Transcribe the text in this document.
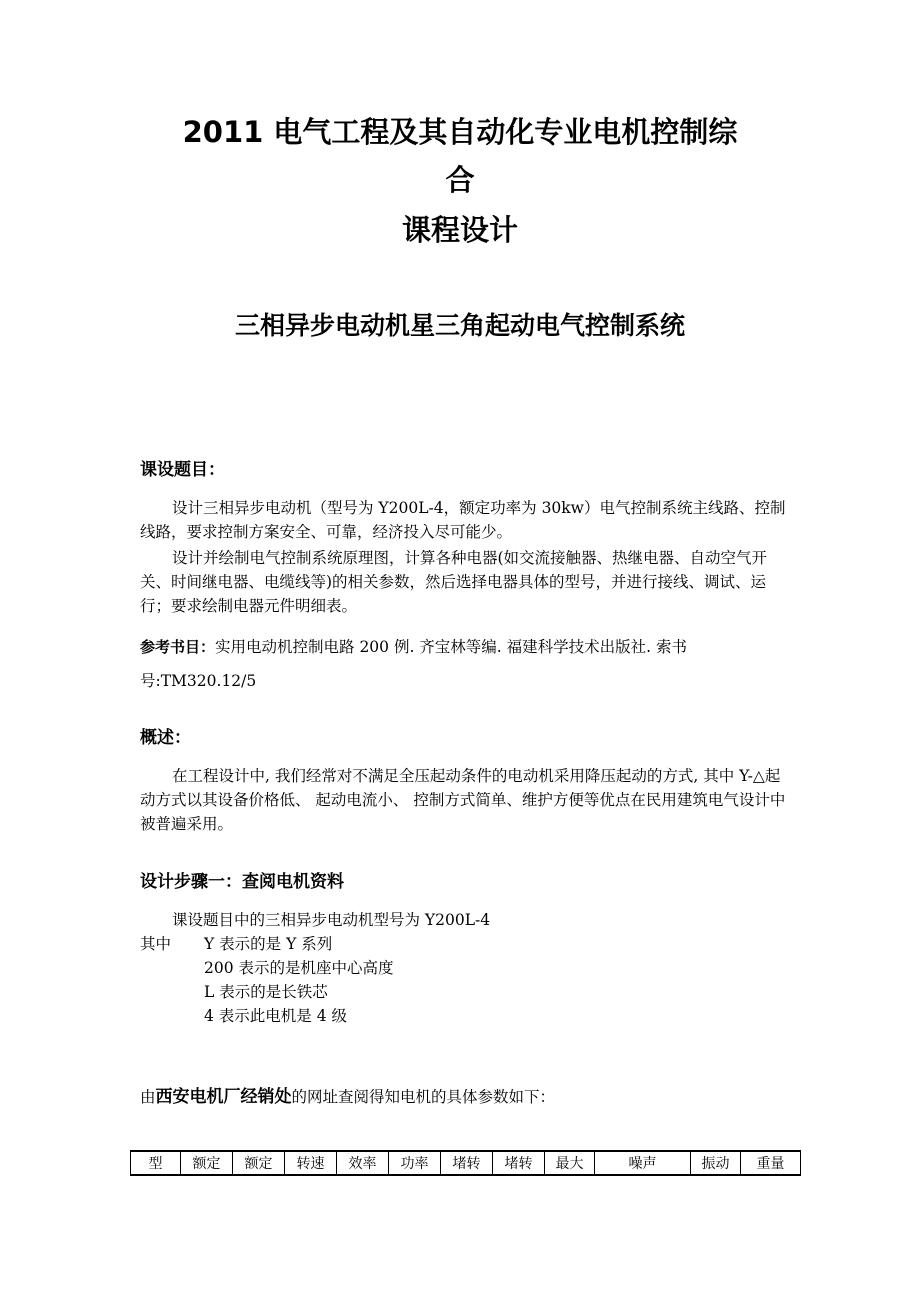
2011 电气工程及其自动化专业电机控制综
合
课程设计
三相异步电动机星三角起动电气控制系统
课设题目：

设计三相异步电动机（型号为 Y200L-4，额定功率为 30kw）电气控制系统主线路、控制线路，要求控制方案安全、可靠，经济投入尽可能少。

设计并绘制电气控制系统原理图，计算各种电器(如交流接触器、热继电器、自动空气开关、时间继电器、电缆线等)的相关参数，然后选择电器具体的型号，并进行接线、调试、运行；要求绘制电器元件明细表。

参考书目：实用电动机控制电路 200 例. 齐宝林等编. 福建科学技术出版社. 索书号:TM320.12/5

概述：

在工程设计中, 我们经常对不满足全压起动条件的电动机采用降压起动的方式, 其中 Y-△起动方式以其设备价格低、 起动电流小、 控制方式简单、维护方便等优点在民用建筑电气设计中被普遍采用。

设计步骤一：查阅电机资料
课设题目中的三相异步电动机型号为 Y200L-4
其中 Y 表示的是 Y 系列
200 表示的是机座中心高度
L 表示的是长铁芯
4 表示此电机是 4 级
由西安电机厂经销处的网址查阅得知电机的具体参数如下：
型	额定	额定	转速	效率	功率	堵转	堵转	最大	噪声	振动	重量
